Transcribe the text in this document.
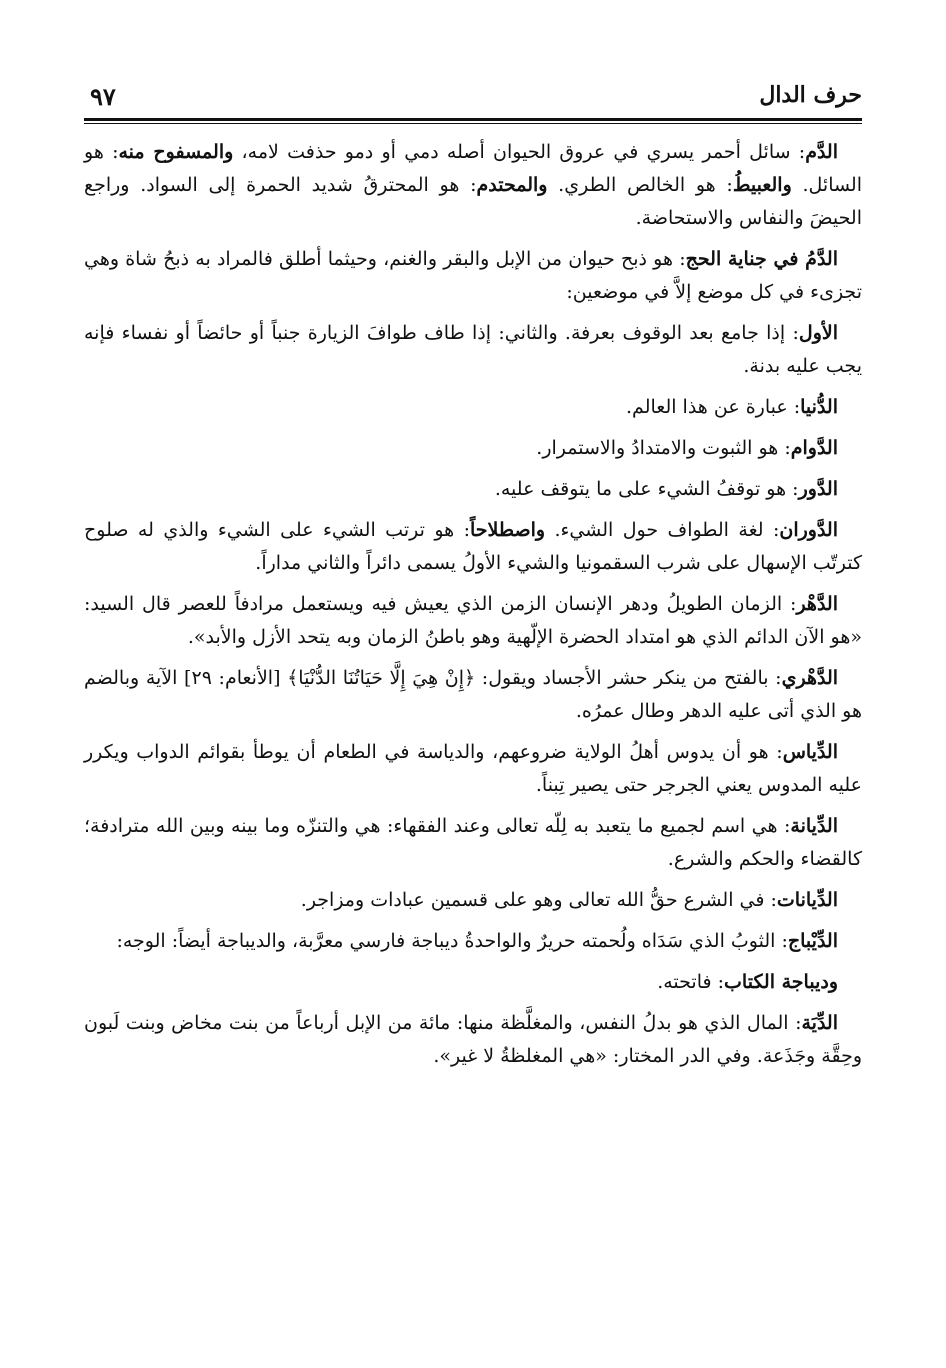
حرف الدال
٩٧

الدَّم: سائل أحمر يسري في عروق الحيوان أصله دمي أو دمو حذفت لامه، والمسفوح منه: هو السائل. والعبيطُ: هو الخالص الطري. والمحتدم: هو المحترقُ شديد الحمرة إلى السواد. وراجع الحيضَ والنفاس والاستحاضة.

الدَّمُ في جناية الحج: هو ذبح حيوان من الإبل والبقر والغنم، وحيثما أطلق فالمراد به ذبحُ شاة وهي تجزىء في كل موضع إلاَّ في موضعين:

الأول: إذا جامع بعد الوقوف بعرفة. والثاني: إذا طاف طوافَ الزيارة جنباً أو حائضاً أو نفساء فإنه يجب عليه بدنة.

الدُّنيا: عبارة عن هذا العالم.

الدَّوام: هو الثبوت والامتدادُ والاستمرار.

الدَّور: هو توقفُ الشيء على ما يتوقف عليه.

الدَّوران: لغة الطواف حول الشيء. واصطلاحاً: هو ترتب الشيء على الشيء والذي له صلوح كترتّب الإسهال على شرب السقمونيا والشيء الأولُ يسمى دائراً والثاني مداراً.

الدَّهْر: الزمان الطويلُ ودهر الإنسان الزمن الذي يعيش فيه ويستعمل مرادفاً للعصر قال السيد: «هو الآن الدائم الذي هو امتداد الحضرة الإلّهية وهو باطنُ الزمان وبه يتحد الأزل والأبد».

الدَّهْري: بالفتح من ينكر حشر الأجساد ويقول: ﴿إِنْ هِيَ إِلَّا حَيَاتُنَا الدُّنْيَا﴾ [الأنعام: ٢٩] الآية وبالضم هو الذي أتى عليه الدهر وطال عمرُه.

الدِّياس: هو أن يدوس أهلُ الولاية ضروعهم، والدياسة في الطعام أن يوطأ بقوائم الدواب ويكرر عليه المدوس يعني الجرجر حتى يصير تِبناً.

الدِّيانة: هي اسم لجميع ما يتعبد به لِلّه تعالى وعند الفقهاء: هي والتنزّه وما بينه وبين الله مترادفة؛ كالقضاء والحكم والشرع.

الدِّيانات: في الشرع حقُّ الله تعالى وهو على قسمين عبادات ومزاجر.

الدِّيْباج: الثوبُ الذي سَدَاه ولُحمته حريرٌ والواحدةُ ديباجة فارسي معرَّبة، والديباجة أيضاً: الوجه:

وديباجة الكتاب: فاتحته.

الدِّيَة: المال الذي هو بدلُ النفس، والمغلَّظة منها: مائة من الإبل أرباعاً من بنت مخاض وبنت لَبون وحِقَّة وجَذَعة. وفي الدر المختار: «هي المغلظةُ لا غير».
